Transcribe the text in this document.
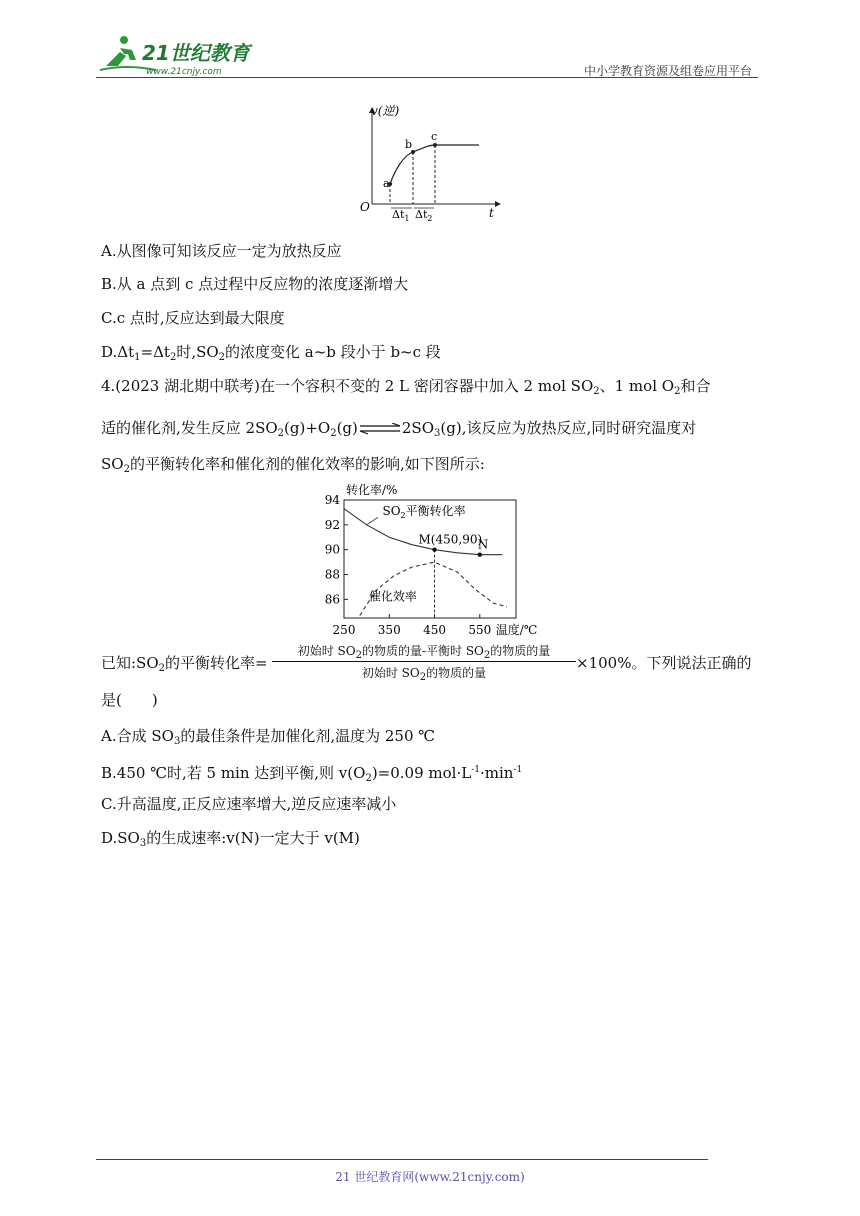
21世纪教育
www.21cnjy.com	中小学教育资源及组卷应用平台
v(逆)
t
O
a
b
c
$\Delta t_1$ $\Delta t_2$
A.从图像可知该反应一定为放热反应
B.从 a 点到 c 点过程中反应物的浓度逐渐增大
C.c 点时,反应达到最大限度
$D.\Delta t_1=\Delta t_2$时$,SO_2$的浓度变化 a~b 段小于 b~c 段
4.(2023 湖北期中联考)在一个容积不变的 2 L 密闭容器中加入 2 mol $SO_2$、1 mol $O_2$和合
适的催化剂,发生反应 $2SO_2(g)+O_2(g)\rightleftharpoons 2SO_3(g)$,该反应为放热反应,同时研究温度对
$SO_2$的平衡转化率和催化剂的催化效率的影响,如下图所示:
转化率/%
86
88
90
92
94
250 350 450 550 温度/℃
$SO_2$平衡转化率
催化效率
M(450,90)
N
已知$:SO_2$的平衡转化率=
初始时 $SO_2$的物质的量-平衡时 $SO_2$的物质的量
初始时 $SO_2$的物质的量
×100%。下列说法正确的
是(　　)
A.合成 $SO_3$的最佳条件是加催化剂,温度为 250 ℃
B.450 ℃时,若 5 min 达到平衡,则 $v(O_2)=0.09$ $mol\cdot L^{-1}\cdot\min^{-1}$
C.升高温度,正反应速率增大,逆反应速率减小
$D.SO_3$的生成速率:v(N)一定大于 v(M)
21 世纪教育网(www.21cnjy.com)
